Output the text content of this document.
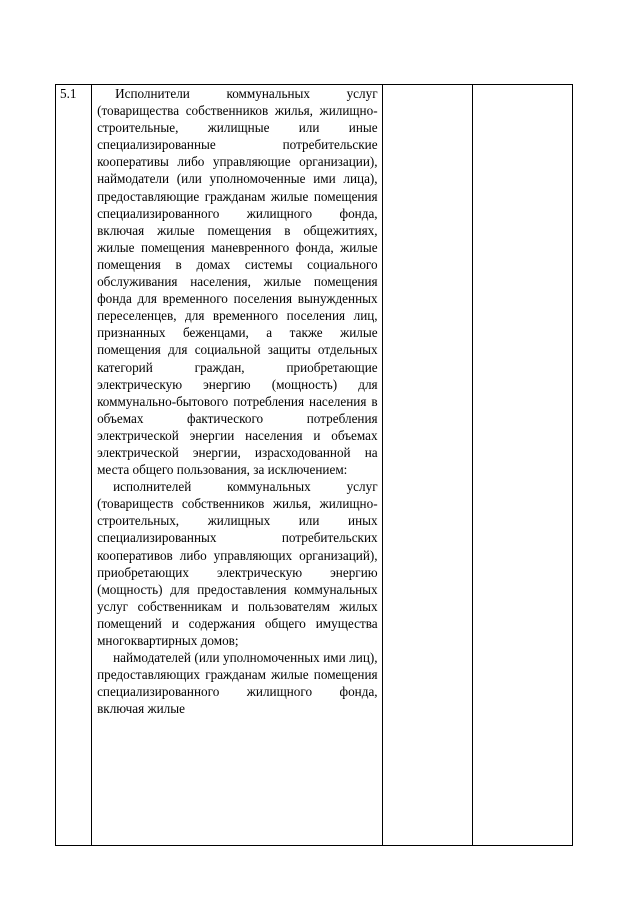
5.1	Исполнители коммунальных услуг (товарищества собственников жилья, жилищно-строительные, жилищные или иные специализированные потребительские кооперативы либо управляющие организации), наймодатели (или уполномоченные ими лица), предоставляющие гражданам жилые помещения специализированного жилищного фонда, включая жилые помещения в общежитиях, жилые помещения маневренного фонда, жилые помещения в домах системы социального обслуживания населения, жилые помещения фонда для временного поселения вынужденных переселенцев, для временного поселения лиц, признанных беженцами, а также жилые помещения для социальной защиты отдельных категорий граждан, приобретающие электрическую энергию (мощность) для коммунально-бытового потребления населения в объемах фактического потребления электрической энергии населения и объемах электрической энергии, израсходованной на места общего пользования, за исключением:

исполнителей коммунальных услуг (товариществ собственников жилья, жилищно-строительных, жилищных или иных специализированных потребительских кооперативов либо управляющих организаций), приобретающих электрическую энергию (мощность) для предоставления коммунальных услуг собственникам и пользователям жилых помещений и содержания общего имущества многоквартирных домов;

наймодателей (или уполномоченных ими лиц), предоставляющих гражданам жилые помещения специализированного жилищного фонда, включая жилые
